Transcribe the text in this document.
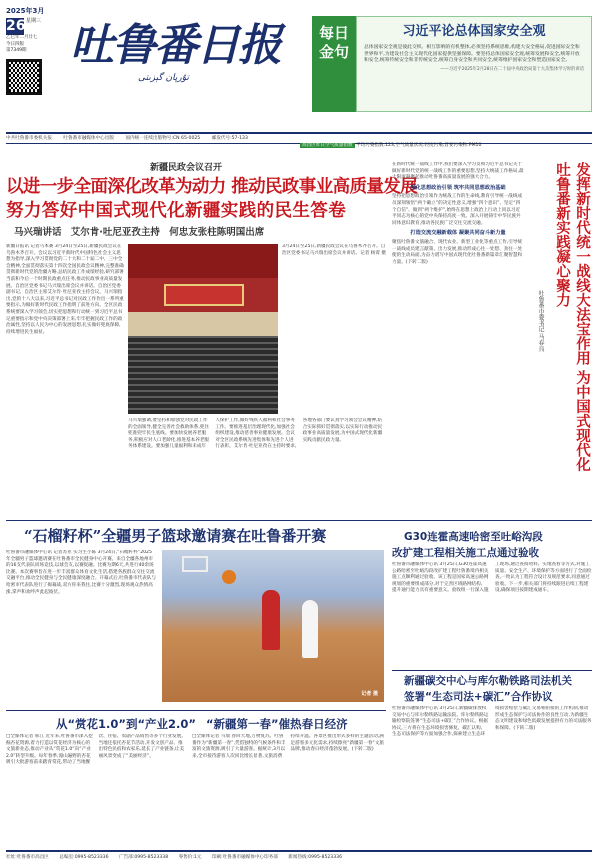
2025年3月
26星期三
乙巳年二月廿七
今日四版
第7349期 吐鲁番日报
تۇرپان گېزىتى
每日金句
习近平论总体国家安全观
总体国家安全观是彼此交织、相互影响的有机整体,必须坚持系统思维,构建大安全格局,促进国际安全和世界和平,为建设社会主义现代化国家提供坚强保障。要坚持总体国家安全观,统筹发展和安全,统筹开放和安全,统筹传统安全和非传统安全,统筹自身安全和共同安全,统筹维护国家安全和塑造国家安全。
——习近平2025年2月28日在二十届中央政治局第十九次集体学习时的讲话
中共吐鲁番市委机关报 吐鲁番市融媒体中心出版 国内统一连续出版物号:CN 65-0025 邮发代号:57-133
高昌区昨日空气质量指数 平均污染指数:123,空气质量状况:轻度污染,首要污染物:PM10
新疆民政会议召开
以进一步全面深化改革为动力 推动民政事业高质量发展
努力答好中国式现代化新疆实践的民生答卷
马兴瑞讲话 艾尔肯·吐尼亚孜主持 何忠友张柱陈明国出席
新疆日报讯 记者马本赛 3月24日至25日,新疆民政会议在乌鲁木齐召开。会议以习近平新时代中国特色社会主义思想为指导,深入学习贯彻党的二十大和二十届二中、三中全会精神,全面贯彻落实第十四次全国民政会议精神,完整准确贯彻新时代党的治疆方略,总结民政工作成绩经验,研究部署当前和今后一个时期民政重点任务,推动民政事业高质量发展。自治区党委书记马兴瑞出席会议并讲话。自治区党委副书记、自治区主席艾尔肯·吐尼亚孜主持会议。马兴瑞指出,党的十八大以来,习近平总书记对民政工作作出一系列重要指示,为做好新时代民政工作指明了前进方向。全区民政系统要深入学习领会,切实把思想和行动统一到习近平总书记重要指示和党中央决策部署上来,牢牢把握民政工作的政治属性,坚持以人民为中心的发展思想,扎实做好兜底保障,持续增进民生福祉。
3月24日至25日,新疆民政会议在乌鲁木齐召开。自治区党委书记马兴瑞出席会议并讲话。记者 杨霄 摄
马兴瑞强调,要坚持和加强党对民政工作的全面领导,健全完善社会救助体系,兜住兜准兜牢民生底线。要加快发展养老服务,积极应对人口老龄化,推进基本养老服务体系建设。要加强儿童福利和未成年人保护工作,做好残疾人福利和社会事务工作。要推进基层治理现代化,加强社会组织建设,推动慈善事业健康发展。会议对全区民政系统先进集体和先进个人进行表彰。艾尔肯·吐尼亚孜在主持时要求,各地各部门要认真学习领会会议精神,结合实际抓好贯彻落实,以实际行动推动民政事业高质量发展,为中国式现代化新疆实践贡献民政力量。
在新时代统一战线工作中,我们要深入学习贯彻习近平总书记关于做好新时代党的统一战线工作的重要思想,坚持大统战工作格局,最大限度凝聚起推动吐鲁番高质量发展的强大合力。
强化思想政治引领 筑牢共同思想政治基础
坚持把思想政治引领作为统战工作的生命线,教育引导统一战线成员深刻领悟“两个确立”的决定性意义,增强“四个意识”、坚定“四个自信”、做到“两个维护”,始终在思想上政治上行动上同以习近平同志为核心的党中央保持高度一致。深入开展铸牢中华民族共同体意识教育,推动各民族广泛交往交流交融。
打造交流交融新载体 凝聚共同奋斗新力量
聚焦吐鲁番文旅融合、现代农业、新型工业化等重点工作,引导统一战线成员建言献策、出力发展,推动形成心往一处想、劲往一处使的生动局面,为奋力谱写中国式现代化吐鲁番新篇章汇聚智慧和力量。(下转二版)
吐鲁番市委书记 马春良	发挥新时代统一战线大法宝作用 为中国式现代化吐鲁番新实践凝心聚力
“石榴籽杯”全疆男子篮球邀请赛在吐鲁番开赛
吐鲁番市融媒体中心讯 记者苏亚 实习生小陈 3月24日,“石榴籽杯”2025年全疆男子篮球邀请赛在吐鲁番市全民健身中心开赛。来自全疆各地州市的16支代表队同场竞技,以球会友,以赛促融。比赛为期6天,共进行40余场比赛。本次赛事旨在进一步丰富群众体育文化生活,搭建各族群众交往交流交融平台,推动全民健身与全民健康深度融合。开幕式后,吐鲁番市代表队与哈密市代表队进行了揭幕战,双方你来我往,比赛十分激烈,现场观众热情高涨,掌声和欢呼声此起彼伏。
记者 摄
G30连霍高速哈密至吐峪沟段
改扩建工程相关施工点通过验收
吐鲁番市融媒体中心讯 3月25日,G30连霍高速公路哈密至吐峪沟段改扩建工程吐鲁番境内相关施工点顺利通过验收。该工程是国家高速公路网规划的重要组成部分,对于完善区域路网结构、提升通行能力具有重要意义。验收组一行深入施工现场,通过查阅资料、实地查看等方式,对施工质量、安全生产、环境保护等方面进行了全面检查,一致认为工程符合设计及规范要求,同意通过验收。下一步,相关部门将持续跟进后续工程建设,确保项目按期建成通车。
新疆碳交中心与库尔勒铁路司法机关
签署“生态司法+碳汇”合作协议
吐鲁番市融媒体中心讯 3月25日,新疆碳排放权交易中心与库尔勒铁路运输法院、库尔勒铁路运输检察院签署“生态司法+碳汇”合作协议。根据协议,三方将在生态环境损害修复、碳汇认购、生态司法保护等方面加强合作,探索建立生态环境损害赔偿与碳汇交易相衔接的工作机制,推动形成生态保护与司法协作的良性互动,为新疆生态文明建设和绿色低碳发展提供有力的司法服务和保障。(下转二版)
从“赏花1.0”到“产业2.0”
□全媒体记者 邢江 近年来,吐鲁番市深入挖掘杏花资源,着力打造以赏花经济为核心的文旅新业态,推动产业从“赏花1.0”向“产业2.0”转型升级。每年春季,漫山遍野的杏花吸引大批游客前来踏青赏花,带动了当地餐饮、住宿、农副产品销售等多个行业发展。当地还依托杏花节活动,开发文创产品、推出特色民宿和农家乐,延长了产业链条,让美丽风景变成了“美丽经济”。
“新疆第一春”催热春日经济
□全媒体记者 马瑞 春回大地,万物复苏。吐鲁番作为“新疆第一春”,凭借独特的气候条件和丰富的文旅资源,吸引了大量游客。据统计,3月以来,全市接待游客人次同比增长显著,文旅消费持续升温。各景区推出形式多样的主题活动,满足游客多元化需求,持续擦亮“新疆第一春”文旅品牌,推动春日经济蓬勃发展。(下转二版)
社址:吐鲁番市高昌区 总编室:0995-8523336 广告部:0995-8523338 零售价:1元 印刷:吐鲁番市融媒体中心印务部 新闻热线:0995-8523336
